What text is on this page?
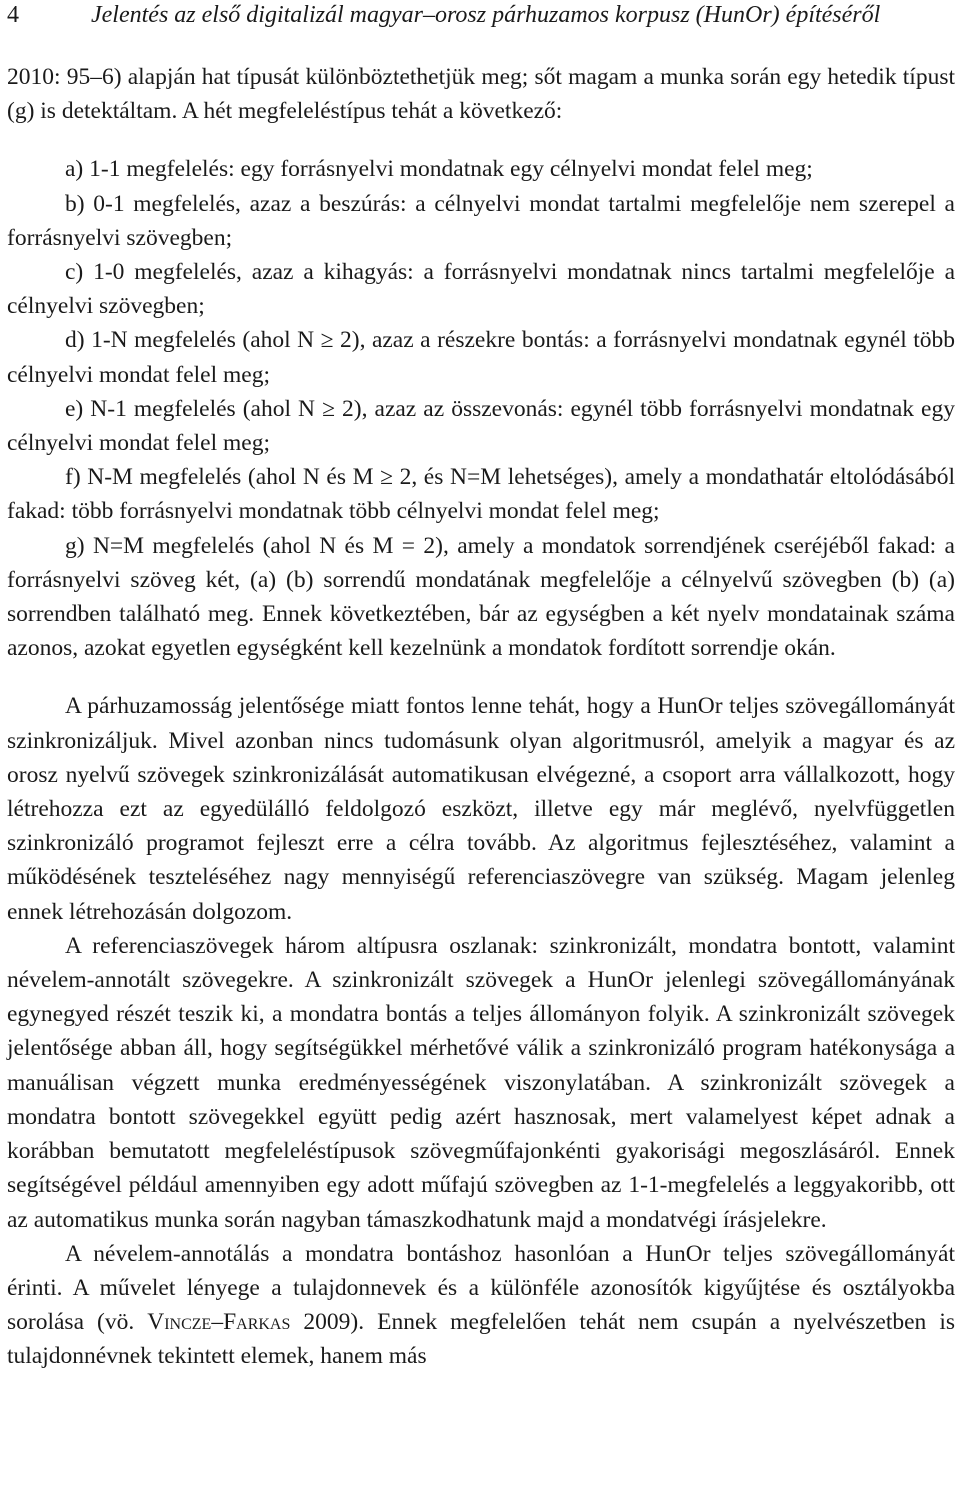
4	Jelentés az első digitalizál magyar–orosz párhuzamos korpusz (HunOr) építéséről

2010: 95–6) alapján hat típusát különböztethetjük meg; sőt magam a munka során egy hetedik típust (g) is detektáltam. A hét megfeleléstípus tehát a következő:

a) 1-1 megfelelés: egy forrásnyelvi mondatnak egy célnyelvi mondat felel meg;

b) 0-1 megfelelés, azaz a beszúrás: a célnyelvi mondat tartalmi megfelelője nem szerepel a forrásnyelvi szövegben;

c) 1-0 megfelelés, azaz a kihagyás: a forrásnyelvi mondatnak nincs tartalmi megfelelője a célnyelvi szövegben;

d) 1-N megfelelés (ahol N ≥ 2), azaz a részekre bontás: a forrásnyelvi mondatnak egynél több célnyelvi mondat felel meg;

e) N-1 megfelelés (ahol N ≥ 2), azaz az összevonás: egynél több forrásnyelvi mondatnak egy célnyelvi mondat felel meg;

f) N-M megfelelés (ahol N és M ≥ 2, és N=M lehetséges), amely a mondathatár eltolódásából fakad: több forrásnyelvi mondatnak több célnyelvi mondat felel meg;

g) N=M megfelelés (ahol N és M = 2), amely a mondatok sorrendjének cseréjéből fakad: a forrásnyelvi szöveg két, (a) (b) sorrendű mondatának megfelelője a célnyelvű szövegben (b) (a) sorrendben található meg. Ennek következtében, bár az egységben a két nyelv mondatainak száma azonos, azokat egyetlen egységként kell kezelnünk a mondatok fordított sorrendje okán.

A párhuzamosság jelentősége miatt fontos lenne tehát, hogy a HunOr teljes szövegállományát szinkronizáljuk. Mivel azonban nincs tudomásunk olyan algoritmusról, amelyik a magyar és az orosz nyelvű szövegek szinkronizálását automatikusan elvégezné, a csoport arra vállalkozott, hogy létrehozza ezt az egyedülálló feldolgozó eszközt, illetve egy már meglévő, nyelvfüggetlen szinkronizáló programot fejleszt erre a célra tovább. Az algoritmus fejlesztéséhez, valamint a működésének teszteléséhez nagy mennyiségű referenciaszövegre van szükség. Magam jelenleg ennek létrehozásán dolgozom.

A referenciaszövegek három altípusra oszlanak: szinkronizált, mondatra bontott, valamint névelem-annotált szövegekre. A szinkronizált szövegek a HunOr jelenlegi szövegállományának egynegyed részét teszik ki, a mondatra bontás a teljes állományon folyik. A szinkronizált szövegek jelentősége abban áll, hogy segítségükkel mérhetővé válik a szinkronizáló program hatékonysága a manuálisan végzett munka eredményességének viszonylatában. A szinkronizált szövegek a mondatra bontott szövegekkel együtt pedig azért hasznosak, mert valamelyest képet adnak a korábban bemutatott megfeleléstípusok szövegműfajonkénti gyakorisági megoszlásáról. Ennek segítségével például amennyiben egy adott műfajú szövegben az 1-1-megfelelés a leggyakoribb, ott az automatikus munka során nagyban támaszkodhatunk majd a mondatvégi írásjelekre.

A névelem-annotálás a mondatra bontáshoz hasonlóan a HunOr teljes szövegállományát érinti. A művelet lényege a tulajdonnevek és a különféle azonosítók kigyűjtése és osztályokba sorolása (vö. Vincze–Farkas 2009). Ennek megfelelően tehát nem csupán a nyelvészetben is tulajdonnévnek tekintett elemek, hanem más
